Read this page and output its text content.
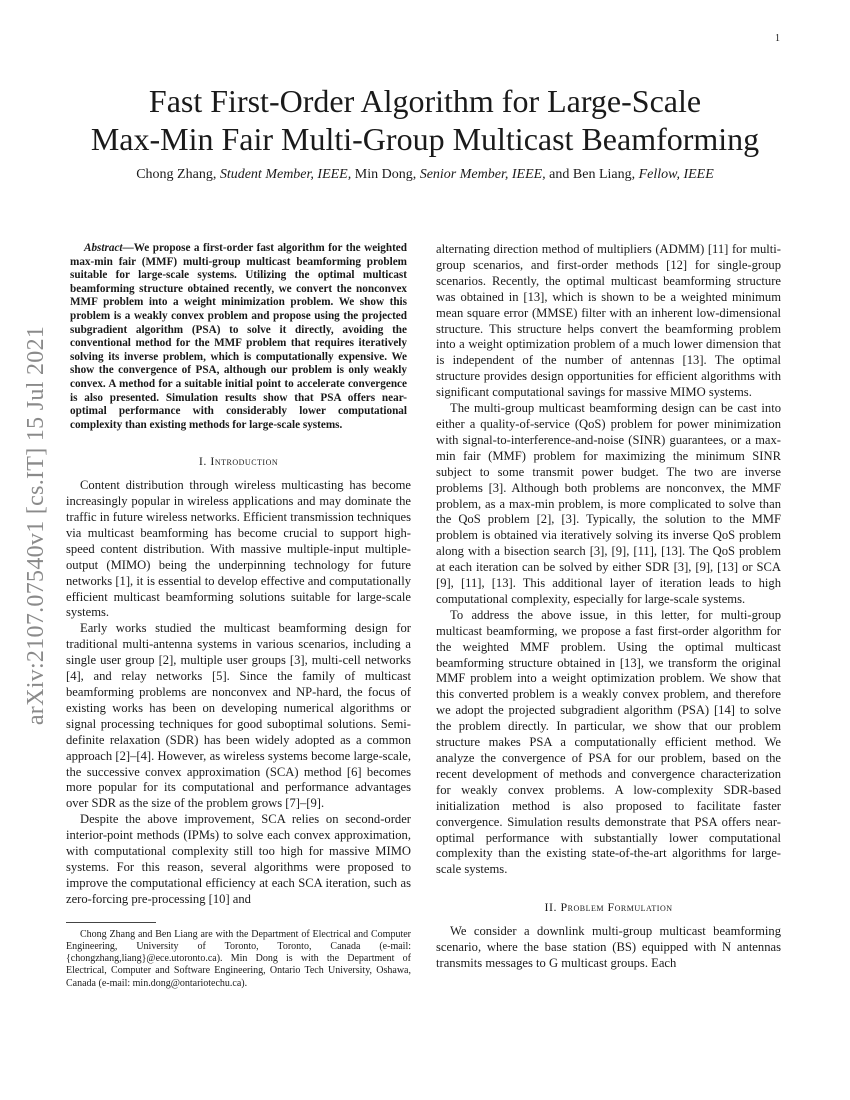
1
arXiv:2107.07540v1 [cs.IT] 15 Jul 2021
Fast First-Order Algorithm for Large-Scale
Max-Min Fair Multi-Group Multicast Beamforming
Chong Zhang, Student Member, IEEE, Min Dong, Senior Member, IEEE, and Ben Liang, Fellow, IEEE

Abstract—We propose a first-order fast algorithm for the weighted max-min fair (MMF) multi-group multicast beamforming problem suitable for large-scale systems. Utilizing the optimal multicast beamforming structure obtained recently, we convert the nonconvex MMF problem into a weight minimization problem. We show this problem is a weakly convex problem and propose using the projected subgradient algorithm (PSA) to solve it directly, avoiding the conventional method for the MMF problem that requires iteratively solving its inverse problem, which is computationally expensive. We show the convergence of PSA, although our problem is only weakly convex. A method for a suitable initial point to accelerate convergence is also presented. Simulation results show that PSA offers near-optimal performance with considerably lower computational complexity than existing methods for large-scale systems.

I. Introduction

Content distribution through wireless multicasting has become increasingly popular in wireless applications and may dominate the traffic in future wireless networks. Efficient transmission techniques via multicast beamforming has become crucial to support high-speed content distribution. With massive multiple-input multiple-output (MIMO) being the underpinning technology for future networks [1], it is essential to develop effective and computationally efficient multicast beamforming solutions suitable for large-scale systems.

Early works studied the multicast beamforming design for traditional multi-antenna systems in various scenarios, including a single user group [2], multiple user groups [3], multi-cell networks [4], and relay networks [5]. Since the family of multicast beamforming problems are nonconvex and NP-hard, the focus of existing works has been on developing numerical algorithms or signal processing techniques for good suboptimal solutions. Semi-definite relaxation (SDR) has been widely adopted as a common approach [2]–[4]. However, as wireless systems become large-scale, the successive convex approximation (SCA) method [6] becomes more popular for its computational and performance advantages over SDR as the size of the problem grows [7]–[9].

Despite the above improvement, SCA relies on second-order interior-point methods (IPMs) to solve each convex approximation, with computational complexity still too high for massive MIMO systems. For this reason, several algorithms were proposed to improve the computational efficiency at each SCA iteration, such as zero-forcing pre-processing [10] and

Chong Zhang and Ben Liang are with the Department of Electrical and Computer Engineering, University of Toronto, Toronto, Canada (e-mail: {chongzhang,liang}@ece.utoronto.ca). Min Dong is with the Department of Electrical, Computer and Software Engineering, Ontario Tech University, Oshawa, Canada (e-mail: min.dong@ontariotechu.ca).

alternating direction method of multipliers (ADMM) [11] for multi-group scenarios, and first-order methods [12] for single-group scenarios. Recently, the optimal multicast beamforming structure was obtained in [13], which is shown to be a weighted minimum mean square error (MMSE) filter with an inherent low-dimensional structure. This structure helps convert the beamforming problem into a weight optimization problem of a much lower dimension that is independent of the number of antennas [13]. The optimal structure provides design opportunities for efficient algorithms with significant computational savings for massive MIMO systems.

The multi-group multicast beamforming design can be cast into either a quality-of-service (QoS) problem for power minimization with signal-to-interference-and-noise (SINR) guarantees, or a max-min fair (MMF) problem for maximizing the minimum SINR subject to some transmit power budget. The two are inverse problems [3]. Although both problems are nonconvex, the MMF problem, as a max-min problem, is more complicated to solve than the QoS problem [2], [3]. Typically, the solution to the MMF problem is obtained via iteratively solving its inverse QoS problem along with a bisection search [3], [9], [11], [13]. The QoS problem at each iteration can be solved by either SDR [3], [9], [13] or SCA [9], [11], [13]. This additional layer of iteration leads to high computational complexity, especially for large-scale systems.

To address the above issue, in this letter, for multi-group multicast beamforming, we propose a fast first-order algorithm for the weighted MMF problem. Using the optimal multicast beamforming structure obtained in [13], we transform the original MMF problem into a weight optimization problem. We show that this converted problem is a weakly convex problem, and therefore we adopt the projected subgradient algorithm (PSA) [14] to solve the problem directly. In particular, we show that our problem structure makes PSA a computationally efficient method. We analyze the convergence of PSA for our problem, based on the recent development of methods and convergence characterization for weakly convex problems. A low-complexity SDR-based initialization method is also proposed to facilitate faster convergence. Simulation results demonstrate that PSA offers near-optimal performance with substantially lower computational complexity than the existing state-of-the-art algorithms for large-scale systems.

II. Problem Formulation

We consider a downlink multi-group multicast beamforming scenario, where the base station (BS) equipped with N antennas transmits messages to G multicast groups. Each
